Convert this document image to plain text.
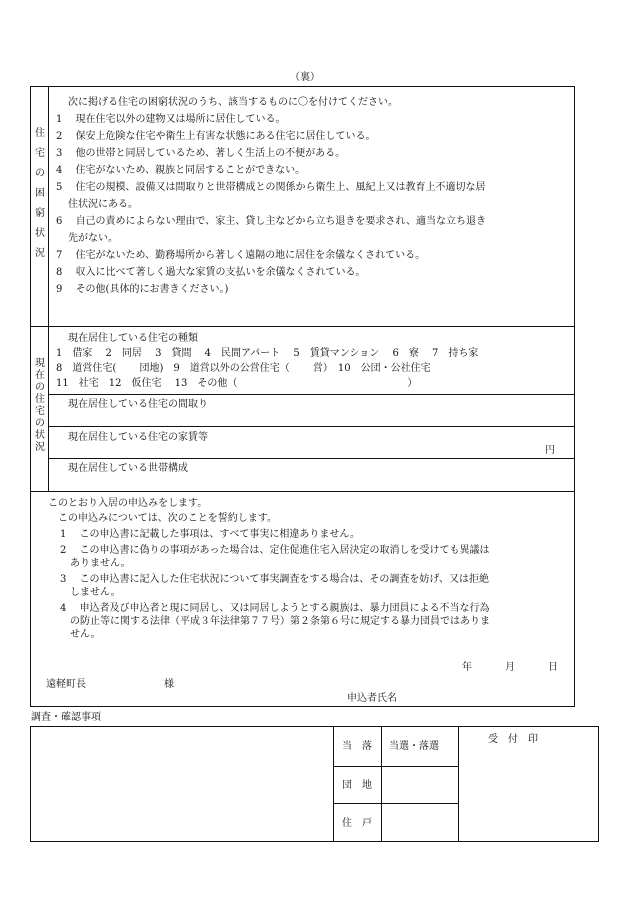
（裏）
住
宅
の
困
窮
状
況
次に掲げる住宅の困窮状況のうち、該当するものに〇を付けてください。
1　 現在住宅以外の建物又は場所に居住している。
2　 保安上危険な住宅や衛生上有害な状態にある住宅に居住している。
3　 他の世帯と同居しているため、著しく生活上の不便がある。
4　 住宅がないため、親族と同居することができない。
5　 住宅の規模、設備又は間取りと世帯構成との関係から衛生上、風紀上又は教育上不適切な居
住状況にある。
6　 自己の責めによらない理由で、家主、貸し主などから立ち退きを要求され、適当な立ち退き
先がない。
7　 住宅がないため、勤務場所から著しく遠隔の地に居住を余儀なくされている。
8　 収入に比べて著しく過大な家賃の支払いを余儀なくされている。
9　 その他(具体的にお書きください。)
現
在
の
住
宅
の
状
況
現在居住している住宅の種類
1　借家　 2　同居　 3　貸間　 4　民間アパート　 5　賃貸マンション　 6　寮　 7　持ち家
8　道営住宅(　　 団地)　9　道営以外の公営住宅（　　 営）　10　公団・公社住宅
11　社宅　12　仮住宅　 13　その他（　　　　　　　　　　　　　　　　　）
現在居住している住宅の間取り
現在居住している住宅の家賃等
円
現在居住している世帯構成
このとおり入居の申込みをします。
この申込みについては、次のことを誓約します。
1　 この申込書に記載した事項は、すべて事実に相違ありません。
2　 この申込書に偽りの事項があった場合は、定住促進住宅入居決定の取消しを受けても異議は
ありません。
3　 この申込書に記入した住宅状況について事実調査をする場合は、その調査を妨げ、又は拒絶
しません。
4　 申込者及び申込者と現に同居し、又は同居しようとする親族は、暴力団員による不当な行為
の防止等に関する法律（平成３年法律第７７号）第２条第６号に規定する暴力団員ではありま
せん。
年	月	日
遠軽町長	様
申込者氏名
調査・確認事項
当　落 当選・落選
団　地
住　戸
受　付　印
